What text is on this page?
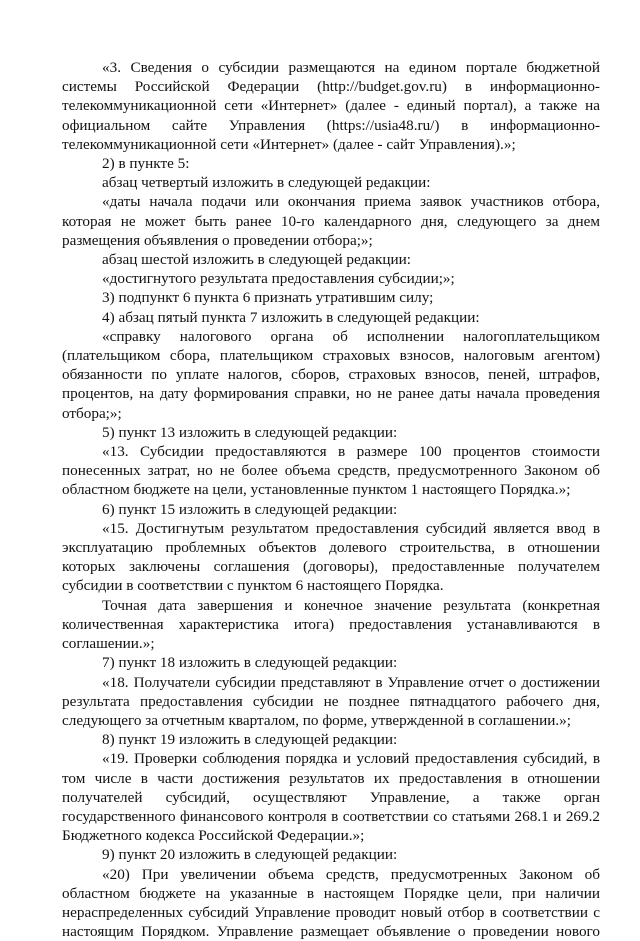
«3. Сведения о субсидии размещаются на едином портале бюджетной системы Российской Федерации (http://budget.gov.ru) в информационно-телекоммуникационной сети «Интернет» (далее - единый портал), а также на официальном сайте Управления (https://usia48.ru/) в информационно-телекоммуникационной сети «Интернет» (далее - сайт Управления).»;

2) в пункте 5:

абзац четвертый изложить в следующей редакции:

«даты начала подачи или окончания приема заявок участников отбора, которая не может быть ранее 10-го календарного дня, следующего за днем размещения объявления о проведении отбора;»;

абзац шестой изложить в следующей редакции:

«достигнутого результата предоставления субсидии;»;

3) подпункт 6 пункта 6 признать утратившим силу;

4) абзац пятый пункта 7 изложить в следующей редакции:

«справку налогового органа об исполнении налогоплательщиком (плательщиком сбора, плательщиком страховых взносов, налоговым агентом) обязанности по уплате налогов, сборов, страховых взносов, пеней, штрафов, процентов, на дату формирования справки, но не ранее даты начала проведения отбора;»;

5) пункт 13 изложить в следующей редакции:

«13. Субсидии предоставляются в размере 100 процентов стоимости понесенных затрат, но не более объема средств, предусмотренного Законом об областном бюджете на цели, установленные пунктом 1 настоящего Порядка.»;

6) пункт 15 изложить в следующей редакции:

«15. Достигнутым результатом предоставления субсидий является ввод в эксплуатацию проблемных объектов долевого строительства, в отношении которых заключены соглашения (договоры), предоставленные получателем субсидии в соответствии с пунктом 6 настоящего Порядка.

Точная дата завершения и конечное значение результата (конкретная количественная характеристика итога) предоставления устанавливаются в соглашении.»;

7) пункт 18 изложить в следующей редакции:

«18. Получатели субсидии представляют в Управление отчет о достижении результата предоставления субсидии не позднее пятнадцатого рабочего дня, следующего за отчетным кварталом, по форме, утвержденной в соглашении.»;

8) пункт 19 изложить в следующей редакции:

«19. Проверки соблюдения порядка и условий предоставления субсидий, в том числе в части достижения результатов их предоставления в отношении получателей субсидий, осуществляют Управление, а также орган государственного финансового контроля в соответствии со статьями 268.1 и 269.2 Бюджетного кодекса Российской Федерации.»;

9) пункт 20 изложить в следующей редакции:

«20) При увеличении объема средств, предусмотренных Законом об областном бюджете на указанные в настоящем Порядке цели, при наличии нераспределенных субсидий Управление проводит новый отбор в соответствии с настоящим Порядком. Управление размещает объявление о проведении нового
